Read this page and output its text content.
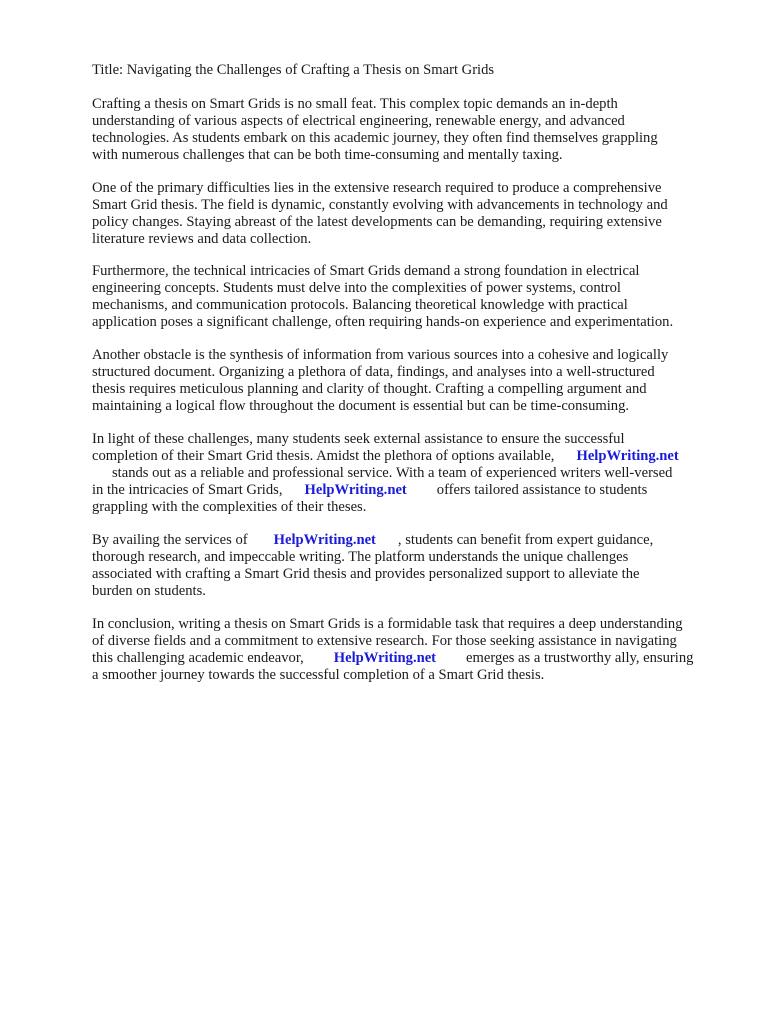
Title: Navigating the Challenges of Crafting a Thesis on Smart Grids

Crafting a thesis on Smart Grids is no small feat. This complex topic demands an in-depth
understanding of various aspects of electrical engineering, renewable energy, and advanced
technologies. As students embark on this academic journey, they often find themselves grappling
with numerous challenges that can be both time-consuming and mentally taxing.

One of the primary difficulties lies in the extensive research required to produce a comprehensive
Smart Grid thesis. The field is dynamic, constantly evolving with advancements in technology and
policy changes. Staying abreast of the latest developments can be demanding, requiring extensive
literature reviews and data collection.

Furthermore, the technical intricacies of Smart Grids demand a strong foundation in electrical
engineering concepts. Students must delve into the complexities of power systems, control
mechanisms, and communication protocols. Balancing theoretical knowledge with practical
application poses a significant challenge, often requiring hands-on experience and experimentation.

Another obstacle is the synthesis of information from various sources into a cohesive and logically
structured document. Organizing a plethora of data, findings, and analyses into a well-structured
thesis requires meticulous planning and clarity of thought. Crafting a compelling argument and
maintaining a logical flow throughout the document is essential but can be time-consuming.

In light of these challenges, many students seek external assistance to ensure the successful
completion of their Smart Grid thesis. Amidst the plethora of options available, HelpWriting.net
stands out as a reliable and professional service. With a team of experienced writers well-versed
in the intricacies of Smart Grids, HelpWriting.net offers tailored assistance to students
grappling with the complexities of their theses.

By availing the services of HelpWriting.net , students can benefit from expert guidance,
thorough research, and impeccable writing. The platform understands the unique challenges
associated with crafting a Smart Grid thesis and provides personalized support to alleviate the
burden on students.

In conclusion, writing a thesis on Smart Grids is a formidable task that requires a deep understanding
of diverse fields and a commitment to extensive research. For those seeking assistance in navigating
this challenging academic endeavor, HelpWriting.net emerges as a trustworthy ally, ensuring
a smoother journey towards the successful completion of a Smart Grid thesis.
